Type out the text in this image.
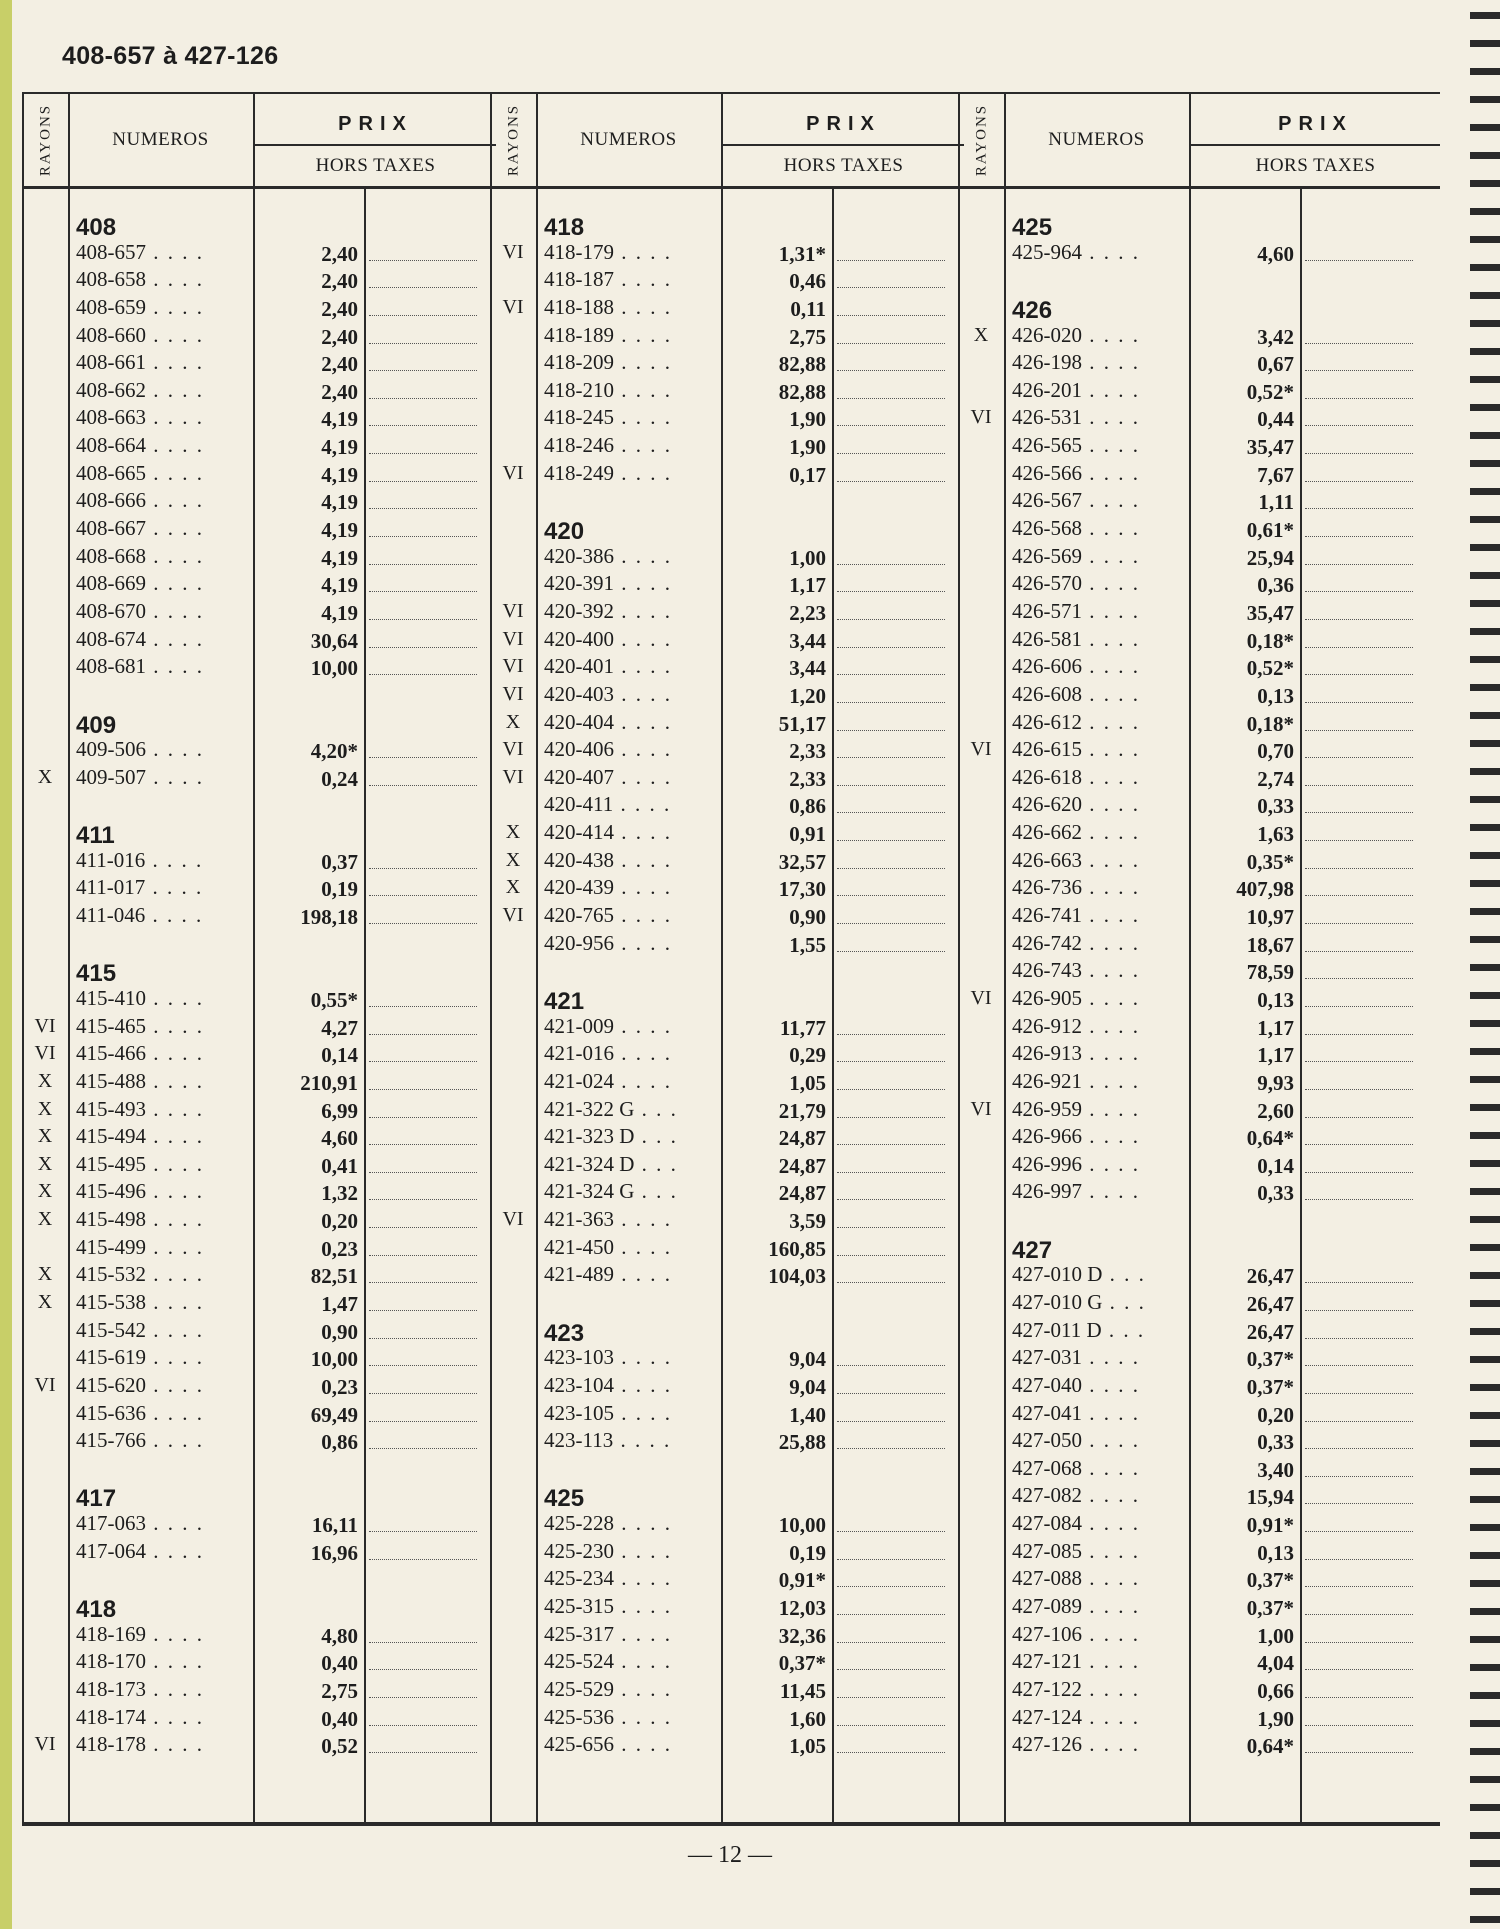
408-657 à 427-126
RAYONS	NUMEROS
PRIX
HORS TAXES
408
408-657 . . . .	2,40
408-658 . . . .	2,40
408-659 . . . .	2,40
408-660 . . . .	2,40
408-661 . . . .	2,40
408-662 . . . .	2,40
408-663 . . . .	4,19
408-664 . . . .	4,19
408-665 . . . .	4,19
408-666 . . . .	4,19
408-667 . . . .	4,19
408-668 . . . .	4,19
408-669 . . . .	4,19
408-670 . . . .	4,19
408-674 . . . .	30,64
408-681 . . . .	10,00
409
409-506 . . . .	4,20*
X	409-507 . . . .	0,24
411
411-016 . . . .	0,37
411-017 . . . .	0,19
411-046 . . . .	198,18
415
415-410 . . . .	0,55*
VI 415-465 . . . .	4,27
VI 415-466 . . . .	0,14
X	415-488 . . . .	210,91
X	415-493 . . . .	6,99
X	415-494 . . . .	4,60
X	415-495 . . . .	0,41
X	415-496 . . . .	1,32
X	415-498 . . . .	0,20
415-499 . . . .	0,23
X	415-532 . . . .	82,51
X	415-538 . . . .	1,47
415-542 . . . .	0,90
415-619 . . . .	10,00
VI 415-620 . . . .	0,23
415-636 . . . .	69,49
415-766 . . . .	0,86
417
417-063 . . . .	16,11
417-064 . . . .	16,96
418
418-169 . . . .	4,80
418-170 . . . .	0,40
418-173 . . . .	2,75
418-174 . . . .	0,40
VI 418-178 . . . .	0,52
RAYONS	NUMEROS
PRIX
HORS TAXES
418
VI 418-179 . . . .	1,31*
418-187 . . . .	0,46
VI 418-188 . . . .	0,11
418-189 . . . .	2,75
418-209 . . . .	82,88
418-210 . . . .	82,88
418-245 . . . .	1,90
418-246 . . . .	1,90
VI 418-249 . . . .	0,17
420
420-386 . . . .	1,00
420-391 . . . .	1,17
VI 420-392 . . . .	2,23
VI 420-400 . . . .	3,44
VI 420-401 . . . .	3,44
VI 420-403 . . . .	1,20
X	420-404 . . . .	51,17
VI 420-406 . . . .	2,33
VI 420-407 . . . .	2,33
420-411 . . . .	0,86
X	420-414 . . . .	0,91
X	420-438 . . . .	32,57
X	420-439 . . . .	17,30
VI 420-765 . . . .	0,90
420-956 . . . .	1,55
421
421-009 . . . .	11,77
421-016 . . . .	0,29
421-024 . . . .	1,05
421-322 G . . .	21,79
421-323 D . . .	24,87
421-324 D . . .	24,87
421-324 G . . .	24,87
VI 421-363 . . . .	3,59
421-450 . . . .	160,85
421-489 . . . .	104,03
423
423-103 . . . .	9,04
423-104 . . . .	9,04
423-105 . . . .	1,40
423-113 . . . .	25,88
425
425-228 . . . .	10,00
425-230 . . . .	0,19
425-234 . . . .	0,91*
425-315 . . . .	12,03
425-317 . . . .	32,36
425-524 . . . .	0,37*
425-529 . . . .	11,45
425-536 . . . .	1,60
425-656 . . . .	1,05
RAYONS	NUMEROS
PRIX
HORS TAXES
425
425-964 . . . .	4,60
426
X	426-020 . . . .	3,42
426-198 . . . .	0,67
426-201 . . . .	0,52*
VI 426-531 . . . .	0,44
426-565 . . . .	35,47
426-566 . . . .	7,67
426-567 . . . .	1,11
426-568 . . . .	0,61*
426-569 . . . .	25,94
426-570 . . . .	0,36
426-571 . . . .	35,47
426-581 . . . .	0,18*
426-606 . . . .	0,52*
426-608 . . . .	0,13
426-612 . . . .	0,18*
VI 426-615 . . . .	0,70
426-618 . . . .	2,74
426-620 . . . .	0,33
426-662 . . . .	1,63
426-663 . . . .	0,35*
426-736 . . . .	407,98
426-741 . . . .	10,97
426-742 . . . .	18,67
426-743 . . . .	78,59
VI 426-905 . . . .	0,13
426-912 . . . .	1,17
426-913 . . . .	1,17
426-921 . . . .	9,93
VI 426-959 . . . .	2,60
426-966 . . . .	0,64*
426-996 . . . .	0,14
426-997 . . . .	0,33
427
427-010 D . . .	26,47
427-010 G . . .	26,47
427-011 D . . .	26,47
427-031 . . . .	0,37*
427-040 . . . .	0,37*
427-041 . . . .	0,20
427-050 . . . .	0,33
427-068 . . . .	3,40
427-082 . . . .	15,94
427-084 . . . .	0,91*
427-085 . . . .	0,13
427-088 . . . .	0,37*
427-089 . . . .	0,37*
427-106 . . . .	1,00
427-121 . . . .	4,04
427-122 . . . .	0,66
427-124 . . . .	1,90
427-126 . . . .	0,64*
— 12 —
